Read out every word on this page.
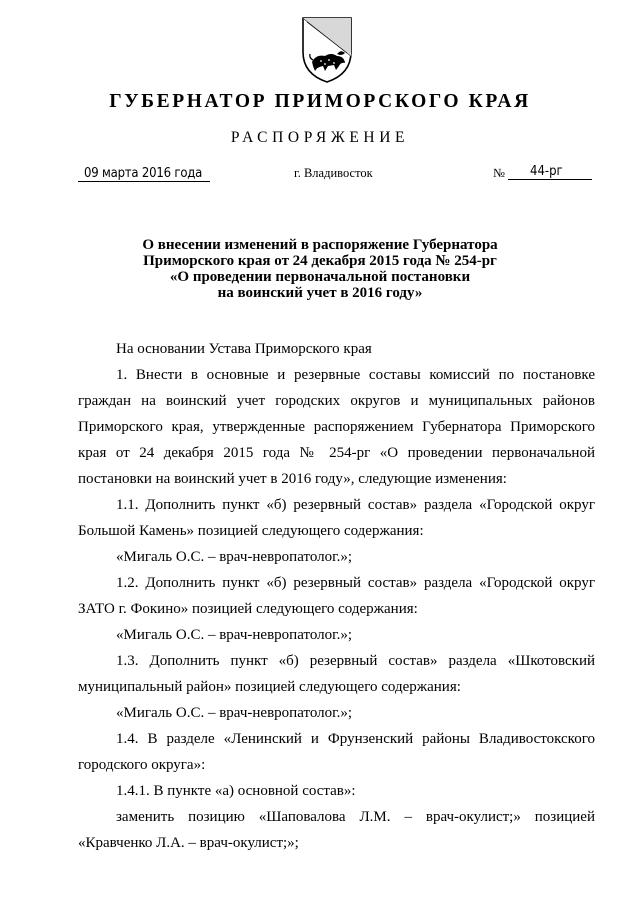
ГУБЕРНАТОР ПРИМОРСКОГО КРАЯ
РАСПОРЯЖЕНИЕ
09 марта 2016 года	г. Владивосток	№	44-рг
О внесении изменений в распоряжение Губернатора
Приморского края от 24 декабря 2015 года № 254-рг
«О проведении первоначальной постановки
на воинский учет в 2016 году»
На основании Устава Приморского края
1. Внести в основные и резервные составы комиссий по постановке
граждан на воинский учет городских округов и муниципальных районов
Приморского края, утвержденные распоряжением Губернатора Приморского
края от 24 декабря 2015 года № 254-рг «О проведении первоначальной
постановки на воинский учет в 2016 году», следующие изменения:
1.1. Дополнить пункт «б) резервный состав» раздела «Городской округ
Большой Камень» позицией следующего содержания:
«Мигаль О.С. – врач-невропатолог.»;
1.2. Дополнить пункт «б) резервный состав» раздела «Городской округ
ЗАТО г. Фокино» позицией следующего содержания:
«Мигаль О.С. – врач-невропатолог.»;
1.3. Дополнить пункт «б) резервный состав» раздела «Шкотовский
муниципальный район» позицией следующего содержания:
«Мигаль О.С. – врач-невропатолог.»;
1.4. В разделе «Ленинский и Фрунзенский районы Владивостокского
городского округа»:
1.4.1. В пункте «а) основной состав»:
заменить позицию «Шаповалова Л.М. – врач-окулист;» позицией
«Кравченко Л.А. – врач-окулист;»;
